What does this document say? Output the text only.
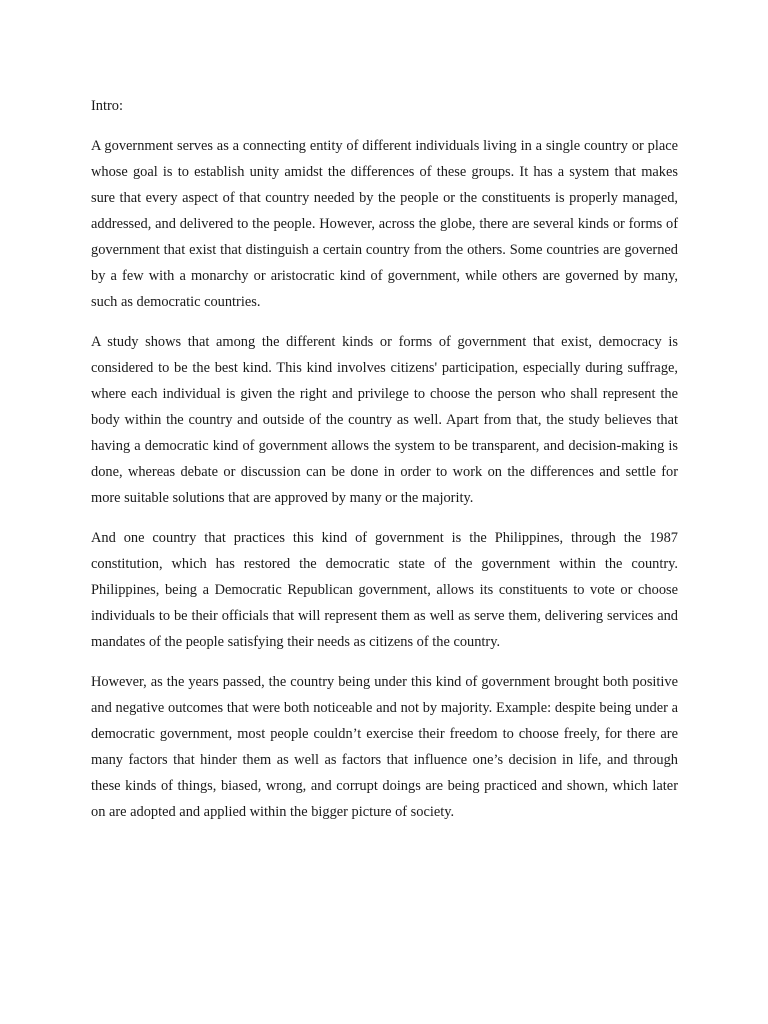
Intro:

A government serves as a connecting entity of different individuals living in a single country or place whose goal is to establish unity amidst the differences of these groups. It has a system that makes sure that every aspect of that country needed by the people or the constituents is properly managed, addressed, and delivered to the people. However, across the globe, there are several kinds or forms of government that exist that distinguish a certain country from the others. Some countries are governed by a few with a monarchy or aristocratic kind of government, while others are governed by many, such as democratic countries.

A study shows that among the different kinds or forms of government that exist, democracy is considered to be the best kind. This kind involves citizens' participation, especially during suffrage, where each individual is given the right and privilege to choose the person who shall represent the body within the country and outside of the country as well. Apart from that, the study believes that having a democratic kind of government allows the system to be transparent, and decision-making is done, whereas debate or discussion can be done in order to work on the differences and settle for more suitable solutions that are approved by many or the majority.

And one country that practices this kind of government is the Philippines, through the 1987 constitution, which has restored the democratic state of the government within the country. Philippines, being a Democratic Republican government, allows its constituents to vote or choose individuals to be their officials that will represent them as well as serve them, delivering services and mandates of the people satisfying their needs as citizens of the country.

However, as the years passed, the country being under this kind of government brought both positive and negative outcomes that were both noticeable and not by majority. Example: despite being under a democratic government, most people couldn’t exercise their freedom to choose freely, for there are many factors that hinder them as well as factors that influence one’s decision in life, and through these kinds of things, biased, wrong, and corrupt doings are being practiced and shown, which later on are adopted and applied within the bigger picture of society.
